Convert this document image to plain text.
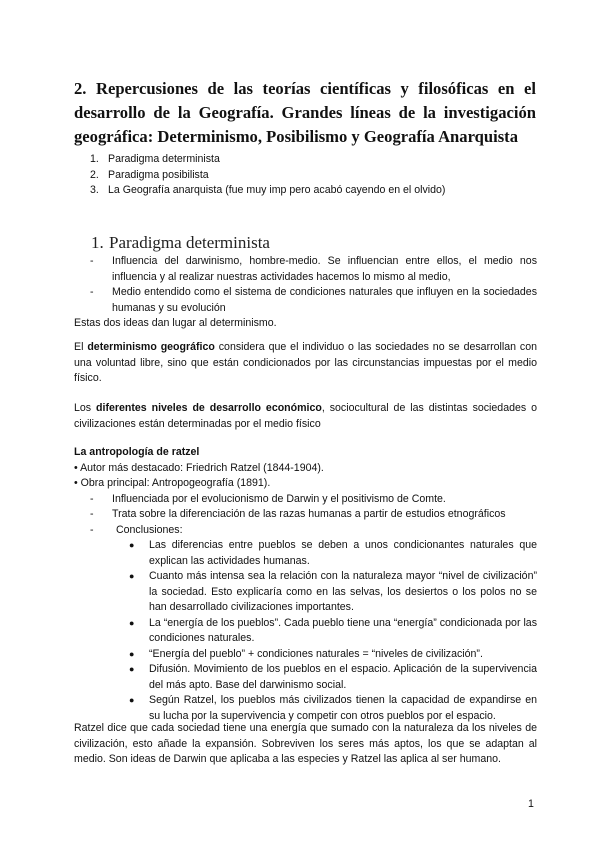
2. Repercusiones de las teorías científicas y filosóficas en el desarrollo de la Geografía. Grandes líneas de la investigación geográfica: Determinismo, Posibilismo y Geografía Anarquista
1. Paradigma determinista
2. Paradigma posibilista
3. La Geografía anarquista (fue muy imp pero acabó cayendo en el olvido)
1. Paradigma determinista
-	Influencia del darwinismo, hombre-medio. Se influencian entre ellos, el medio nos influencia y al realizar nuestras actividades hacemos lo mismo al medio,
-	Medio entendido como el sistema de condiciones naturales que influyen en la sociedades humanas y su evolución
Estas dos ideas dan lugar al determinismo.
El determinismo geográfico considera que el individuo o las sociedades no se desarrollan con una voluntad libre, sino que están condicionados por las circunstancias impuestas por el medio físico.
Los diferentes niveles de desarrollo económico, sociocultural de las distintas sociedades o civilizaciones están determinadas por el medio físico
La antropología de ratzel
• Autor más destacado: Friedrich Ratzel (1844-1904).
• Obra principal: Antropogeografía (1891).
-	Influenciada por el evolucionismo de Darwin y el positivismo de Comte.
-	Trata sobre la diferenciación de las razas humanas a partir de estudios etnográficos
-	Conclusiones:
●	Las diferencias entre pueblos se deben a unos condicionantes naturales que explican las actividades humanas.
●	Cuanto más intensa sea la relación con la naturaleza mayor “nivel de civilización” la sociedad. Esto explicaría como en las selvas, los desiertos o los polos no se han desarrollado civilizaciones importantes.
●	La “energía de los pueblos”. Cada pueblo tiene una “energía” condicionada por las condiciones naturales.
●	“Energía del pueblo” + condiciones naturales = “niveles de civilización”.
●	Difusión. Movimiento de los pueblos en el espacio. Aplicación de la supervivencia del más apto. Base del darwinismo social.
●	Según Ratzel, los pueblos más civilizados tienen la capacidad de expandirse en su lucha por la supervivencia y competir con otros pueblos por el espacio.
Ratzel dice que cada sociedad tiene una energía que sumado con la naturaleza da los niveles de civilización, esto añade la expansión. Sobreviven los seres más aptos, los que se adaptan al medio. Son ideas de Darwin que aplicaba a las especies y Ratzel las aplica al ser humano.
1
